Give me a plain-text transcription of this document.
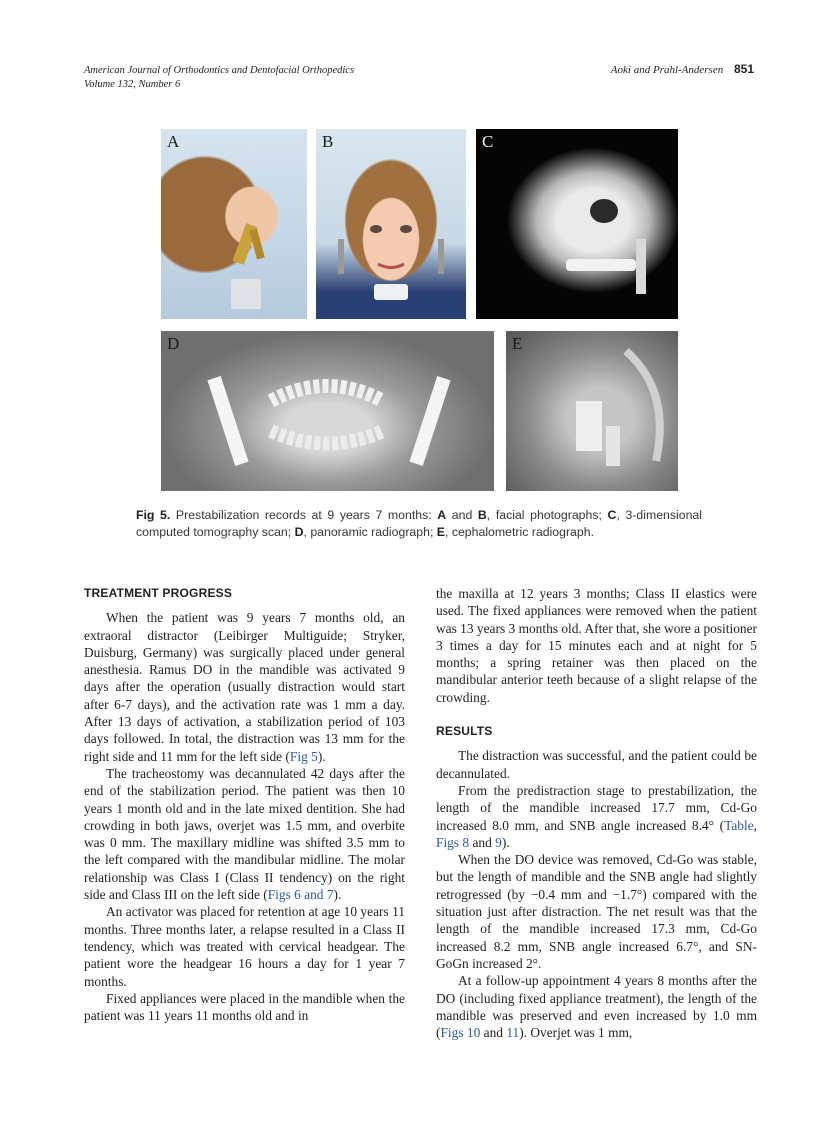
American Journal of Orthodontics and Dentofacial Orthopedics
Volume 132, Number 6
Aoki and Prahl-Andersen 851
A	B	C
D	E
Fig 5. Prestabilization records at 9 years 7 months: A and B, facial photographs; C, 3-dimensional computed tomography scan; D, panoramic radiograph; E, cephalometric radiograph.
TREATMENT PROGRESS

When the patient was 9 years 7 months old, an extraoral distractor (Leibirger Multiguide; Stryker, Duisburg, Germany) was surgically placed under general anesthesia. Ramus DO in the mandible was activated 9 days after the operation (usually distraction would start after 6-7 days), and the activation rate was 1 mm a day. After 13 days of activation, a stabilization period of 103 days followed. In total, the distraction was 13 mm for the right side and 11 mm for the left side (Fig 5).

The tracheostomy was decannulated 42 days after the end of the stabilization period. The patient was then 10 years 1 month old and in the late mixed dentition. She had crowding in both jaws, overjet was 1.5 mm, and overbite was 0 mm. The maxillary midline was shifted 3.5 mm to the left compared with the mandibular midline. The molar relationship was Class I (Class II tendency) on the right side and Class III on the left side (Figs 6 and 7).

An activator was placed for retention at age 10 years 11 months. Three months later, a relapse resulted in a Class II tendency, which was treated with cervical headgear. The patient wore the headgear 16 hours a day for 1 year 7 months.

Fixed appliances were placed in the mandible when the patient was 11 years 11 months old and in

the maxilla at 12 years 3 months; Class II elastics were used. The fixed appliances were removed when the patient was 13 years 3 months old. After that, she wore a positioner 3 times a day for 15 minutes each and at night for 5 months; a spring retainer was then placed on the mandibular anterior teeth because of a slight relapse of the crowding.

RESULTS

The distraction was successful, and the patient could be decannulated.

From the predistraction stage to prestabilization, the length of the mandible increased 17.7 mm, Cd-Go increased 8.0 mm, and SNB angle increased 8.4° (Table, Figs 8 and 9).

When the DO device was removed, Cd-Go was stable, but the length of mandible and the SNB angle had slightly retrogressed (by −0.4 mm and −1.7°) compared with the situation just after distraction. The net result was that the length of the mandible increased 17.3 mm, Cd-Go increased 8.2 mm, SNB angle increased 6.7°, and SN-GoGn increased 2°.

At a follow-up appointment 4 years 8 months after the DO (including fixed appliance treatment), the length of the mandible was preserved and even increased by 1.0 mm (Figs 10 and 11). Overjet was 1 mm,
